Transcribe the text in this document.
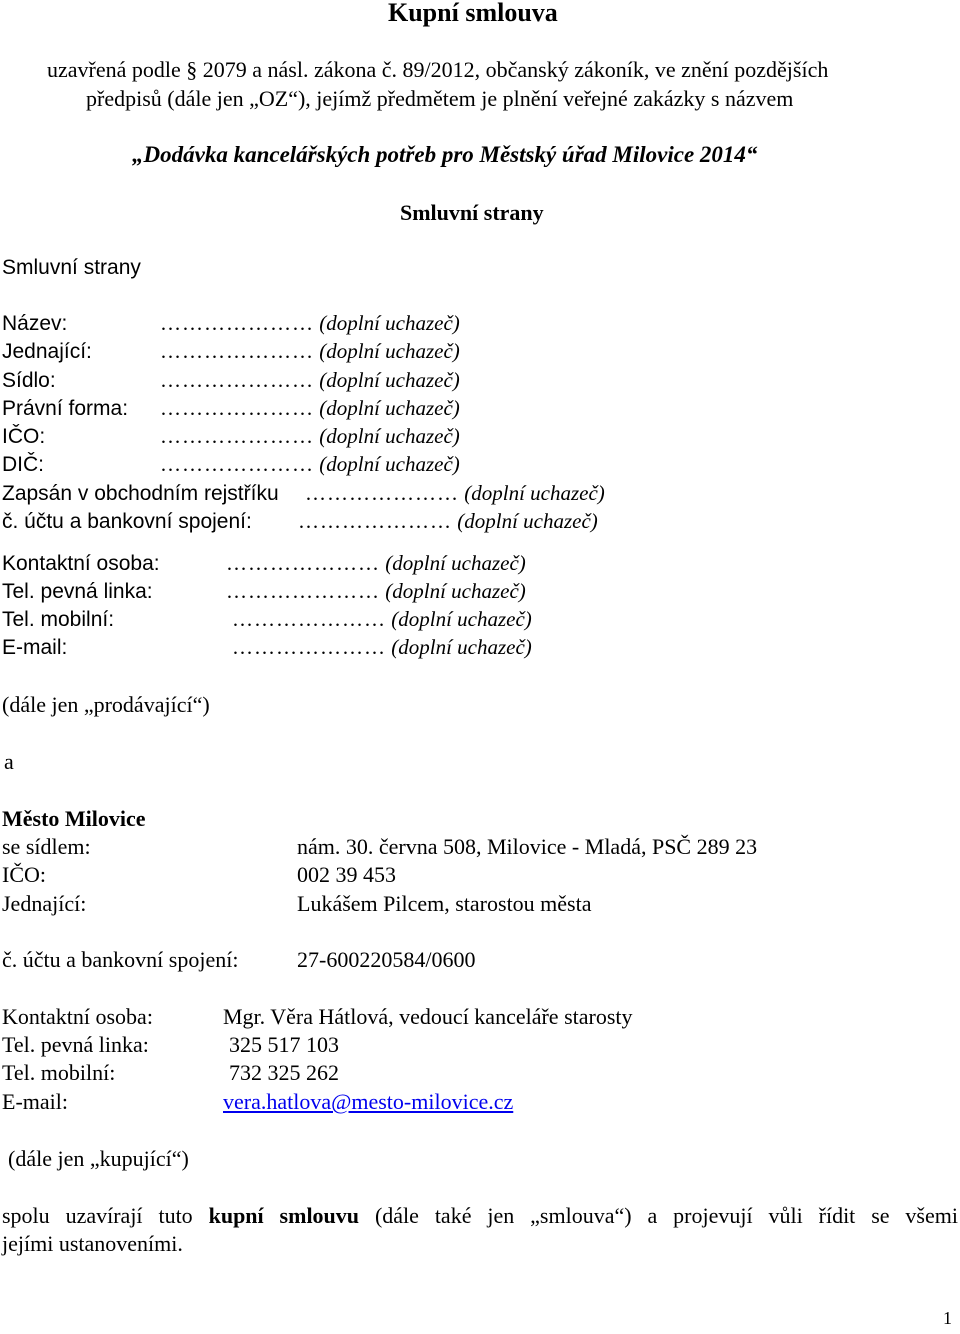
Kupní smlouva
uzavřená podle § 2079 a násl. zákona č. 89/2012, občanský zákoník, ve znění pozdějších
předpisů (dále jen „OZ“), jejímž předmětem je plnění veřejné zakázky s názvem
„Dodávka kancelářských potřeb pro Městský úřad Milovice 2014“
Smluvní strany
Smluvní strany
Název:	………………… (doplní uchazeč)
Jednající:	………………… (doplní uchazeč)
Sídlo:	………………… (doplní uchazeč)
Právní forma: ………………… (doplní uchazeč)
IČO:	………………… (doplní uchazeč)
DIČ:	………………… (doplní uchazeč)
Zapsán v obchodním rejstříku ………………… (doplní uchazeč)
č. účtu a bankovní spojení: ………………… (doplní uchazeč)
Kontaktní osoba:	………………… (doplní uchazeč)
Tel. pevná linka:	………………… (doplní uchazeč)
Tel. mobilní:	………………… (doplní uchazeč)
E-mail:	………………… (doplní uchazeč)
(dále jen „prodávající“)
a
Město Milovice
se sídlem:	nám. 30. června 508, Milovice - Mladá, PSČ 289 23
IČO:	002 39 453
Jednající:	Lukášem Pilcem, starostou města
č. účtu a bankovní spojení:	27-600220584/0600
Kontaktní osoba:	Mgr. Věra Hátlová, vedoucí kanceláře starosty
Tel. pevná linka:	325 517 103
Tel. mobilní:	732 325 262
E-mail:	vera.hatlova@mesto-milovice.cz
(dále jen „kupující“)
spolu uzavírají tuto kupní smlouvu (dále také jen „smlouva“) a projevují vůli řídit se všemi
jejími ustanoveními.
1
